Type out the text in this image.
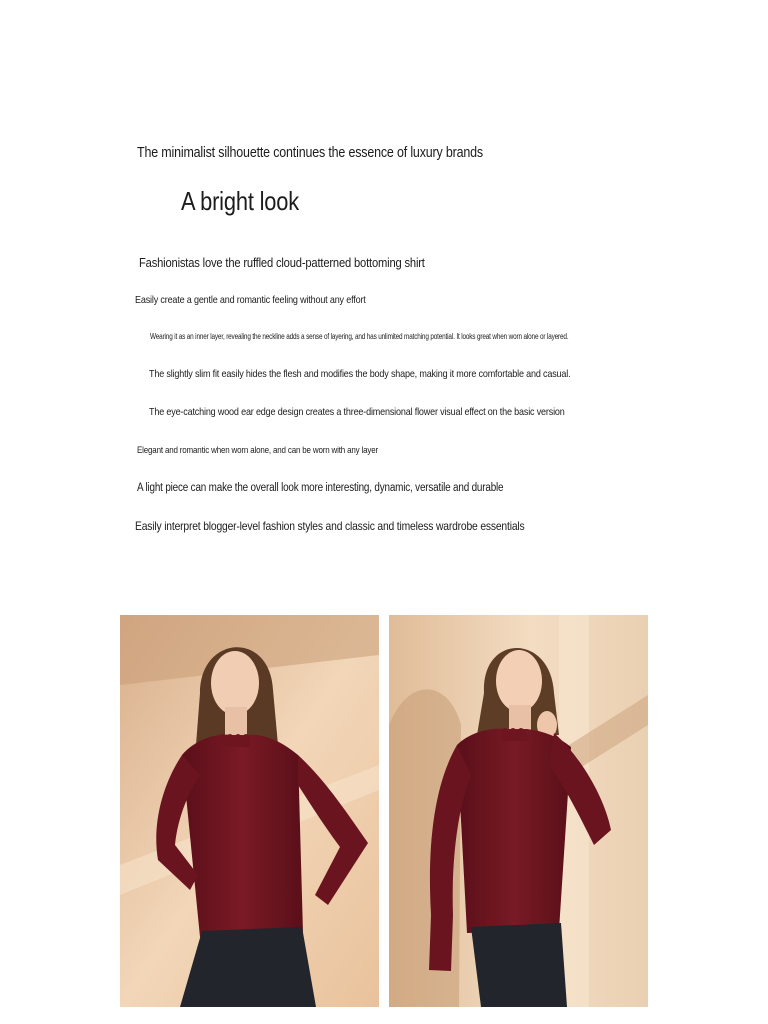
The minimalist silhouette continues the essence of luxury brands
A bright look
Fashionistas love the ruffled cloud-patterned bottoming shirt
Easily create a gentle and romantic feeling without any effort
Wearing it as an inner layer, revealing the neckline adds a sense of layering, and has unlimited matching potential. It looks great when worn alone or layered.
The slightly slim fit easily hides the flesh and modifies the body shape, making it more comfortable and casual.
The eye-catching wood ear edge design creates a three-dimensional flower visual effect on the basic version
Elegant and romantic when worn alone, and can be worn with any layer
A light piece can make the overall look more interesting, dynamic, versatile and durable
Easily interpret blogger-level fashion styles and classic and timeless wardrobe essentials
